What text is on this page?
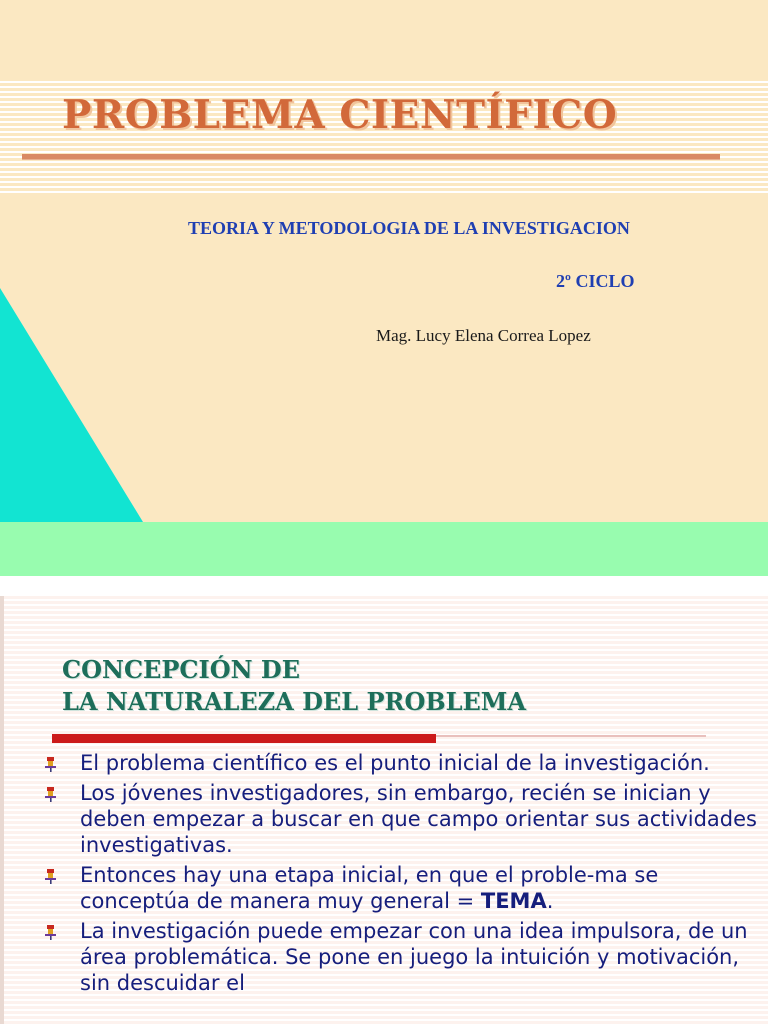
PROBLEMA CIENTÍFICO
TEORIA Y METODOLOGIA DE LA INVESTIGACION
2º CICLO
Mag. Lucy Elena Correa Lopez
CONCEPCIÓN DE
LA NATURALEZA DEL PROBLEMA
El problema científico es el punto inicial de la investigación.
Los jóvenes investigadores, sin embargo, recién se inician y deben empezar a buscar en que campo orientar sus actividades investigativas.
Entonces hay una etapa inicial, en que el proble-ma se conceptúa de manera muy general = TEMA.
La investigación puede empezar con una idea impulsora, de un área problemática. Se pone en juego la intuición y motivación, sin descuidar el
